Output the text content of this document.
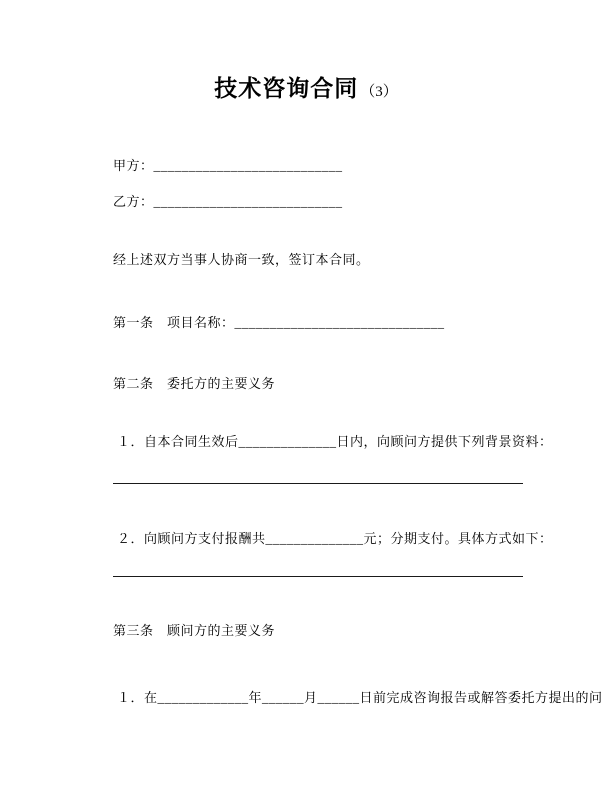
技术咨询合同 （3）
甲方：___________________________
乙方：___________________________
经上述双方当事人协商一致，签订本合同。
第一条　项目名称：______________________________
第二条　委托方的主要义务
１．自本合同生效后______________日内，向顾问方提供下列背景资料：
２．向顾问方支付报酬共______________元；分期支付。具体方式如下：
第三条　顾问方的主要义务
１．在_____________年______月______日前完成咨询报告或解答委托方提出的问
